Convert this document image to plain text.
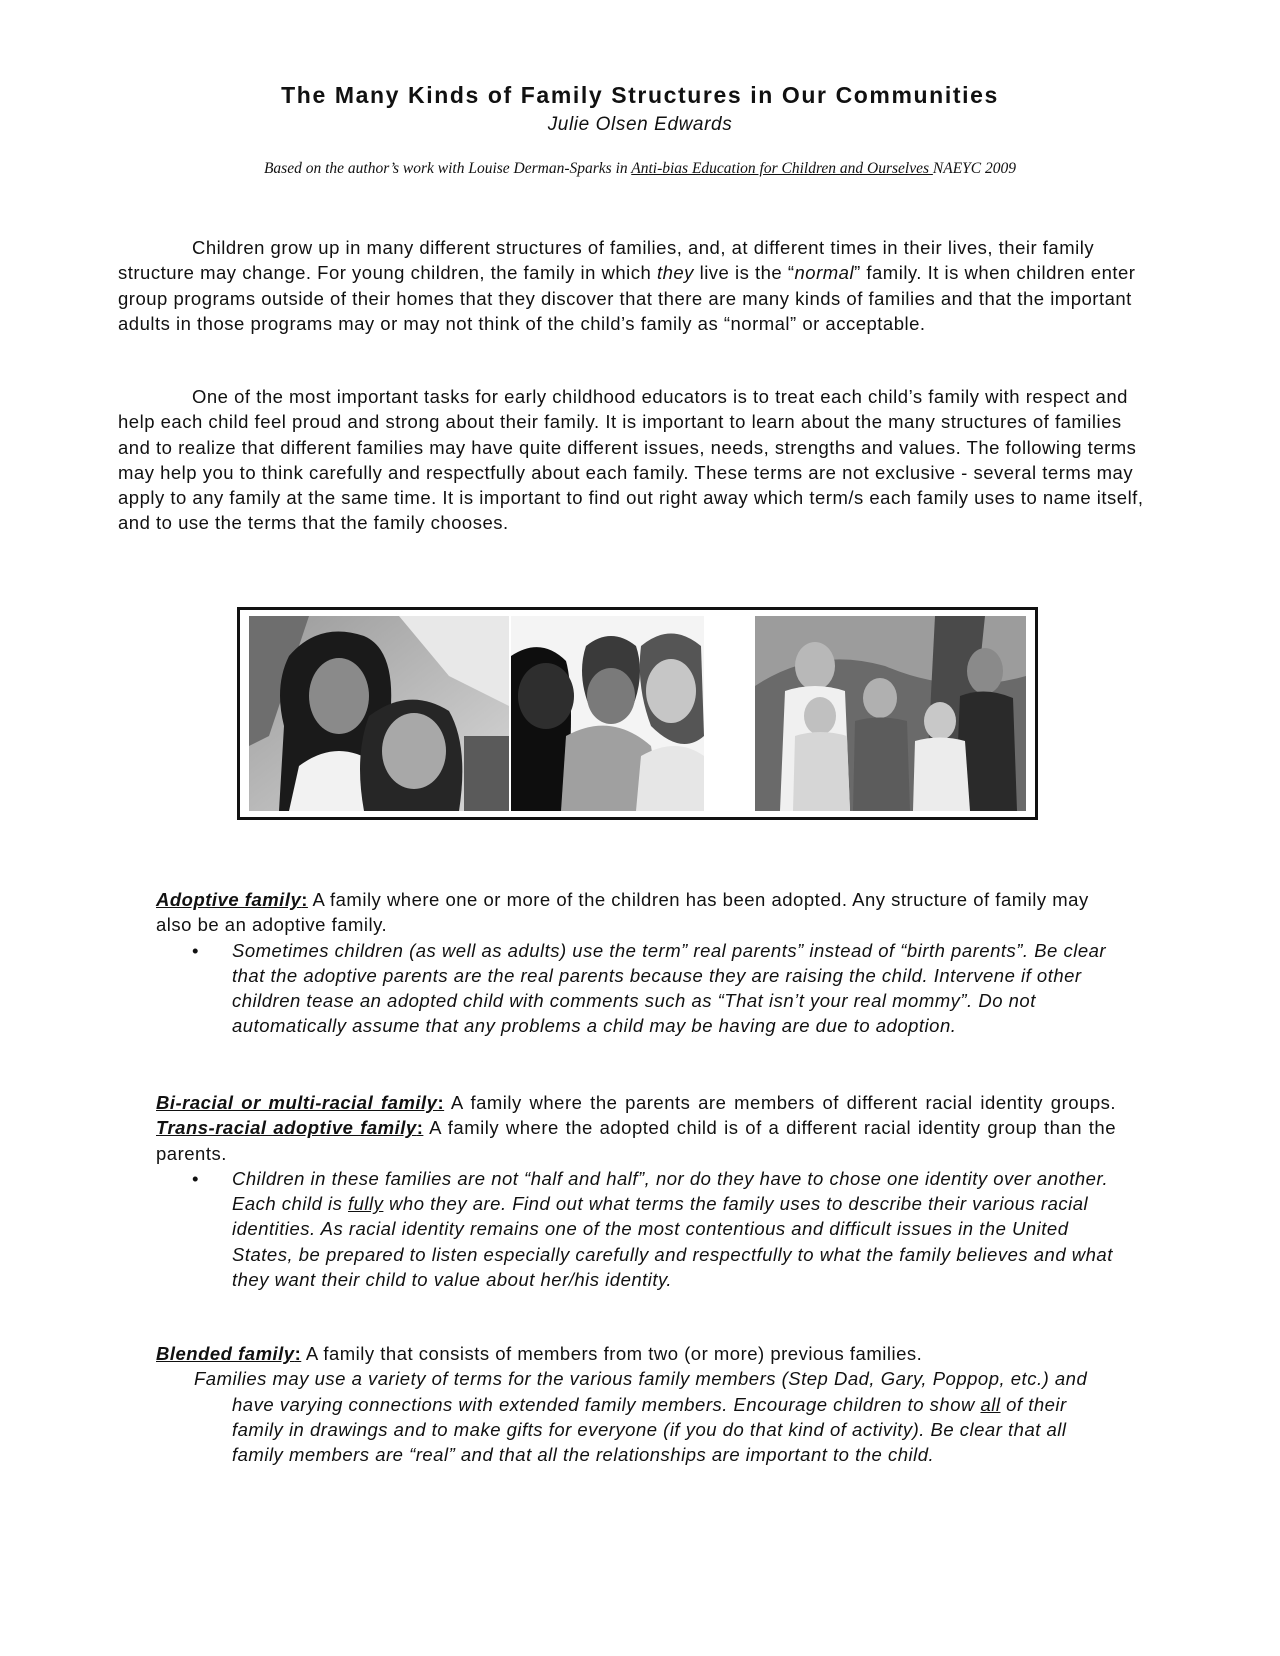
The Many Kinds of Family Structures in Our Communities
Julie Olsen Edwards
Based on the author’s work with Louise Derman-Sparks in Anti-bias Education for Children and Ourselves NAEYC 2009
Children grow up in many different structures of families, and, at different times in their lives, their family structure may change. For young children, the family in which they live is the “normal” family. It is when children enter group programs outside of their homes that they discover that there are many kinds of families and that the important adults in those programs may or may not think of the child’s family as “normal” or acceptable.
One of the most important tasks for early childhood educators is to treat each child’s family with respect and help each child feel proud and strong about their family. It is important to learn about the many structures of families and to realize that different families may have quite different issues, needs, strengths and values. The following terms may help you to think carefully and respectfully about each family. These terms are not exclusive - several terms may apply to any family at the same time. It is important to find out right away which term/s each family uses to name itself, and to use the terms that the family chooses.
Adoptive family: A family where one or more of the children has been adopted. Any structure of family may also be an adoptive family.
• Sometimes children (as well as adults) use the term” real parents” instead of “birth parents”. Be clear that the adoptive parents are the real parents because they are raising the child. Intervene if other children tease an adopted child with comments such as “That isn’t your real mommy”. Do not automatically assume that any problems a child may be having are due to adoption.
Bi-racial or multi-racial family: A family where the parents are members of different racial identity groups. Trans-racial adoptive family: A family where the adopted child is of a different racial identity group than the parents.
• Children in these families are not “half and half”, nor do they have to chose one identity over another. Each child is fully who they are. Find out what terms the family uses to describe their various racial identities. As racial identity remains one of the most contentious and difficult issues in the United States, be prepared to listen especially carefully and respectfully to what the family believes and what they want their child to value about her/his identity.
Blended family: A family that consists of members from two (or more) previous families.
Families may use a variety of terms for the various family members (Step Dad, Gary, Poppop, etc.) and have varying connections with extended family members. Encourage children to show all of their family in drawings and to make gifts for everyone (if you do that kind of activity). Be clear that all family members are “real” and that all the relationships are important to the child.
